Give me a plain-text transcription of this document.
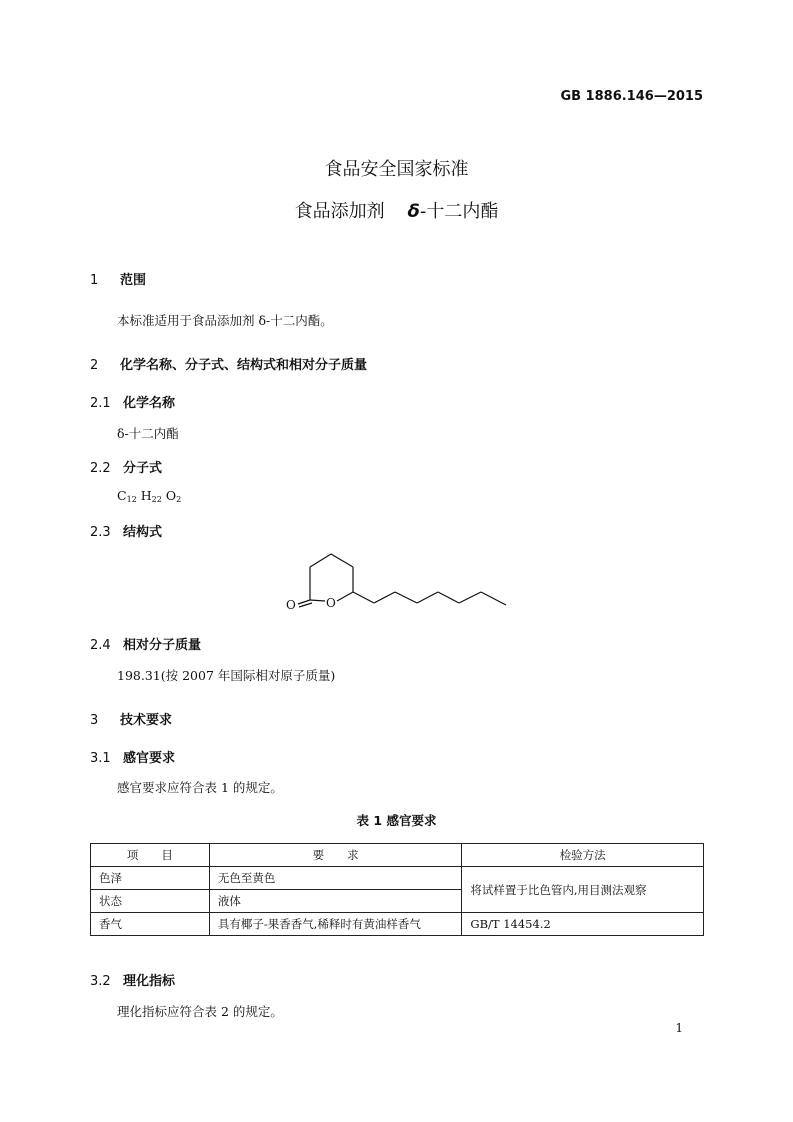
GB 1886.146—2015
食品安全国家标准
食品添加剂 δ-十二内酯
1 范围
本标准适用于食品添加剂 δ-十二内酯。
2 化学名称、分子式、结构式和相对分子质量
2.1 化学名称
δ-十二内酯
2.2 分子式
$C_{12}$ $H_{22}$ $O_2$
2.3 结构式
O	O
2.4 相对分子质量
198.31(按 2007 年国际相对原子质量)
3 技术要求
3.1 感官要求
感官要求应符合表 1 的规定。
表 1 感官要求
项　　目	要　　求	检验方法
色泽	无色至黄色	将试样置于比色管内,用目测法观察
状态	液体	
香气	具有椰子-果香香气,稀释时有黄油样香气	GB/T 14454.2
3.2 理化指标
理化指标应符合表 2 的规定。
1
